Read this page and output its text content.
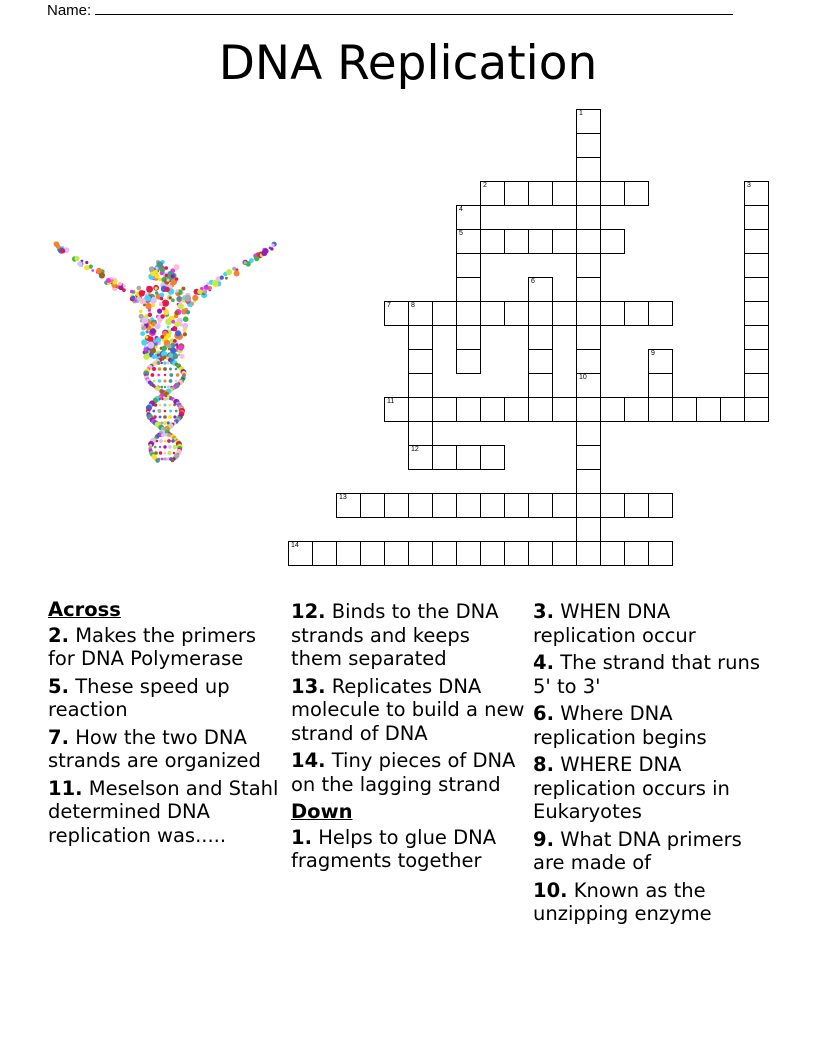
Name:
DNA Replication
1
10
2	3
4
5
6
7	8
12
9
11
13
14
Across
2. Makes the primers for DNA Polymerase
5. These speed up reaction
7. How the two DNA strands are organized
11. Meselson and Stahl determined DNA replication was.....
12. Binds to the DNA strands and keeps them separated
13. Replicates DNA molecule to build a new strand of DNA
14. Tiny pieces of DNA on the lagging strand
Down
1. Helps to glue DNA fragments together
3. WHEN DNA replication occur
4. The strand that runs 5' to 3'
6. Where DNA replication begins
8. WHERE DNA replication occurs in Eukaryotes
9. What DNA primers are made of
10. Known as the unzipping enzyme
